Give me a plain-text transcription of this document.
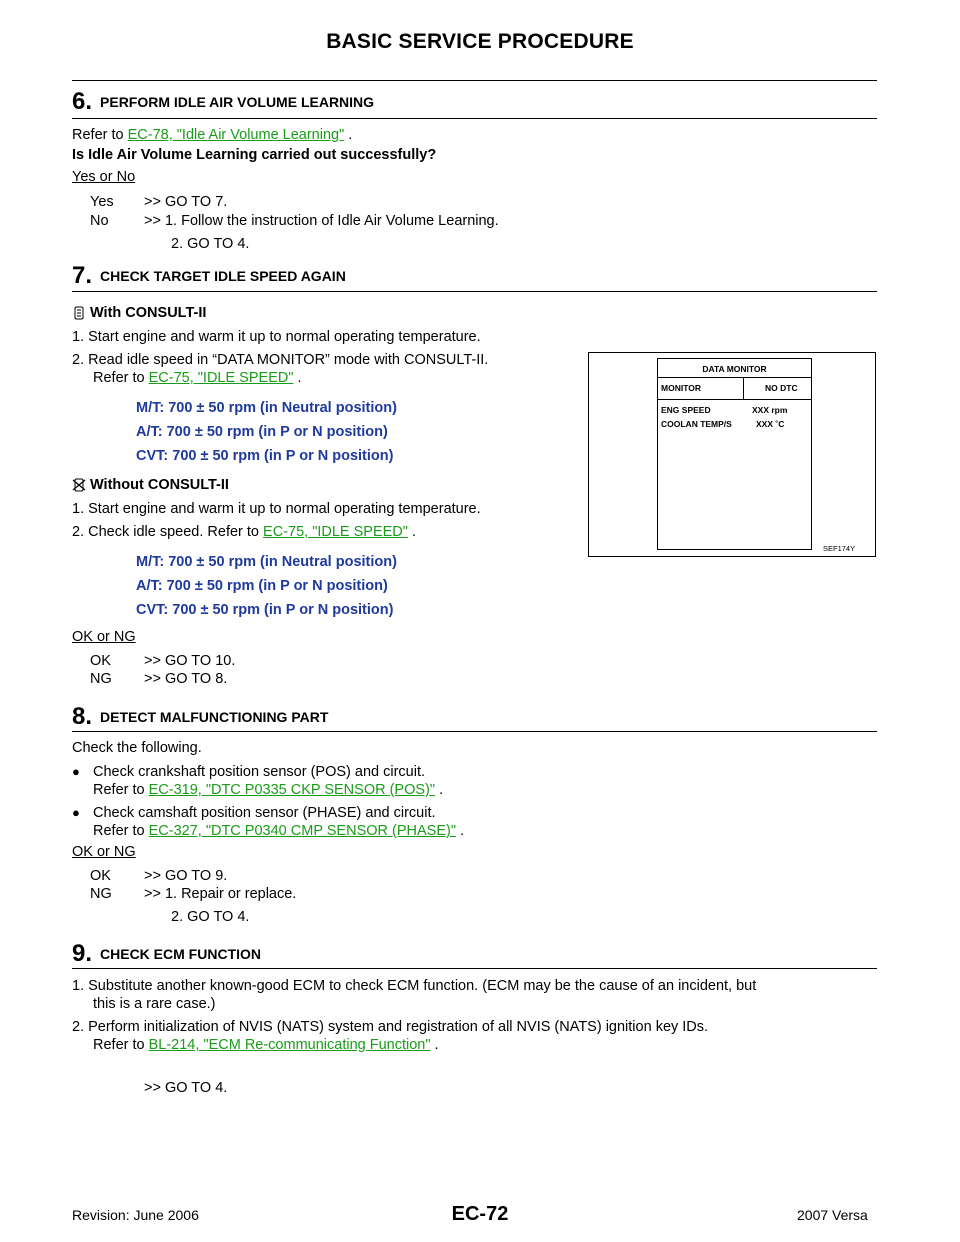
BASIC SERVICE PROCEDURE
6. PERFORM IDLE AIR VOLUME LEARNING
Refer to EC-78, "Idle Air Volume Learning" .
Is Idle Air Volume Learning carried out successfully?
Yes or No
Yes >> GO TO 7.
No >> 1. Follow the instruction of Idle Air Volume Learning.
2. GO TO 4.
7. CHECK TARGET IDLE SPEED AGAIN
With CONSULT-II
1. Start engine and warm it up to normal operating temperature.
2. Read idle speed in “DATA MONITOR” mode with CONSULT-II.
Refer to EC-75, "IDLE SPEED" .
M/T: 700 ± 50 rpm (in Neutral position)
A/T: 700 ± 50 rpm (in P or N position)
CVT: 700 ± 50 rpm (in P or N position)
Without CONSULT-II
1. Start engine and warm it up to normal operating temperature.
2. Check idle speed. Refer to EC-75, "IDLE SPEED" .
M/T: 700 ± 50 rpm (in Neutral position)
A/T: 700 ± 50 rpm (in P or N position)
CVT: 700 ± 50 rpm (in P or N position)
OK or NG
OK >> GO TO 10.
NG >> GO TO 8.
DATA MONITOR
MONITOR	NO DTC
ENG SPEED	XXX rpm
COOLAN TEMP/S	XXX ˚C
SEF174Y
8. DETECT MALFUNCTIONING PART
Check the following.
● Check crankshaft position sensor (POS) and circuit.
Refer to EC-319, "DTC P0335 CKP SENSOR (POS)" .
● Check camshaft position sensor (PHASE) and circuit.
Refer to EC-327, "DTC P0340 CMP SENSOR (PHASE)" .
OK or NG
OK >> GO TO 9.
NG >> 1. Repair or replace.
2. GO TO 4.
9. CHECK ECM FUNCTION
1. Substitute another known-good ECM to check ECM function. (ECM may be the cause of an incident, but
this is a rare case.)
2. Perform initialization of NVIS (NATS) system and registration of all NVIS (NATS) ignition key IDs.
Refer to BL-214, "ECM Re-communicating Function" .
>> GO TO 4.
Revision: June 2006	EC-72	2007 Versa
